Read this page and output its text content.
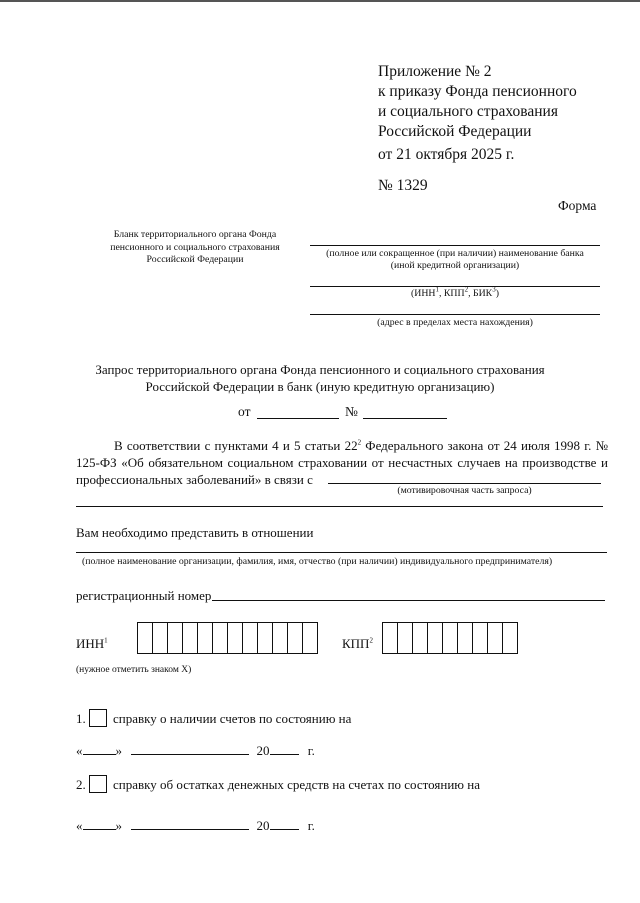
Приложение № 2
к приказу Фонда пенсионного
и социального страхования
Российской Федерации
от 21 октября 2025 г.
№ 1329
Форма
Бланк территориального органа Фонда пенсионного и социального страхования Российской Федерации
(полное или сокращенное (при наличии) наименование банка
(иной кредитной организации)
(ИНН$^1$, КПП$^2$, БИК$^3$)
(адрес в пределах места нахождения)
Запрос территориального органа Фонда пенсионного и социального страхования
Российской Федерации в банк (иную кредитную организацию)
от	№
В соответствии с пунктами 4 и 5 статьи $22^2$ Федерального закона от 24 июля 1998 г. № 125-ФЗ «Об обязательном социальном страховании от несчастных случаев на производстве и профессиональных заболеваний» в связи с
(мотивировочная часть запроса)
Вам необходимо представить в отношении
(полное наименование организации, фамилия, имя, отчество (при наличии) индивидуального предпринимателя)
регистрационный номер
ИНН$^1$	КПП$^2$
(нужное отметить знаком Х)
1. справку о наличии счетов по состоянию на
«	»	20	г.
2. справку об остатках денежных средств на счетах по состоянию на
«	»	20	г.
